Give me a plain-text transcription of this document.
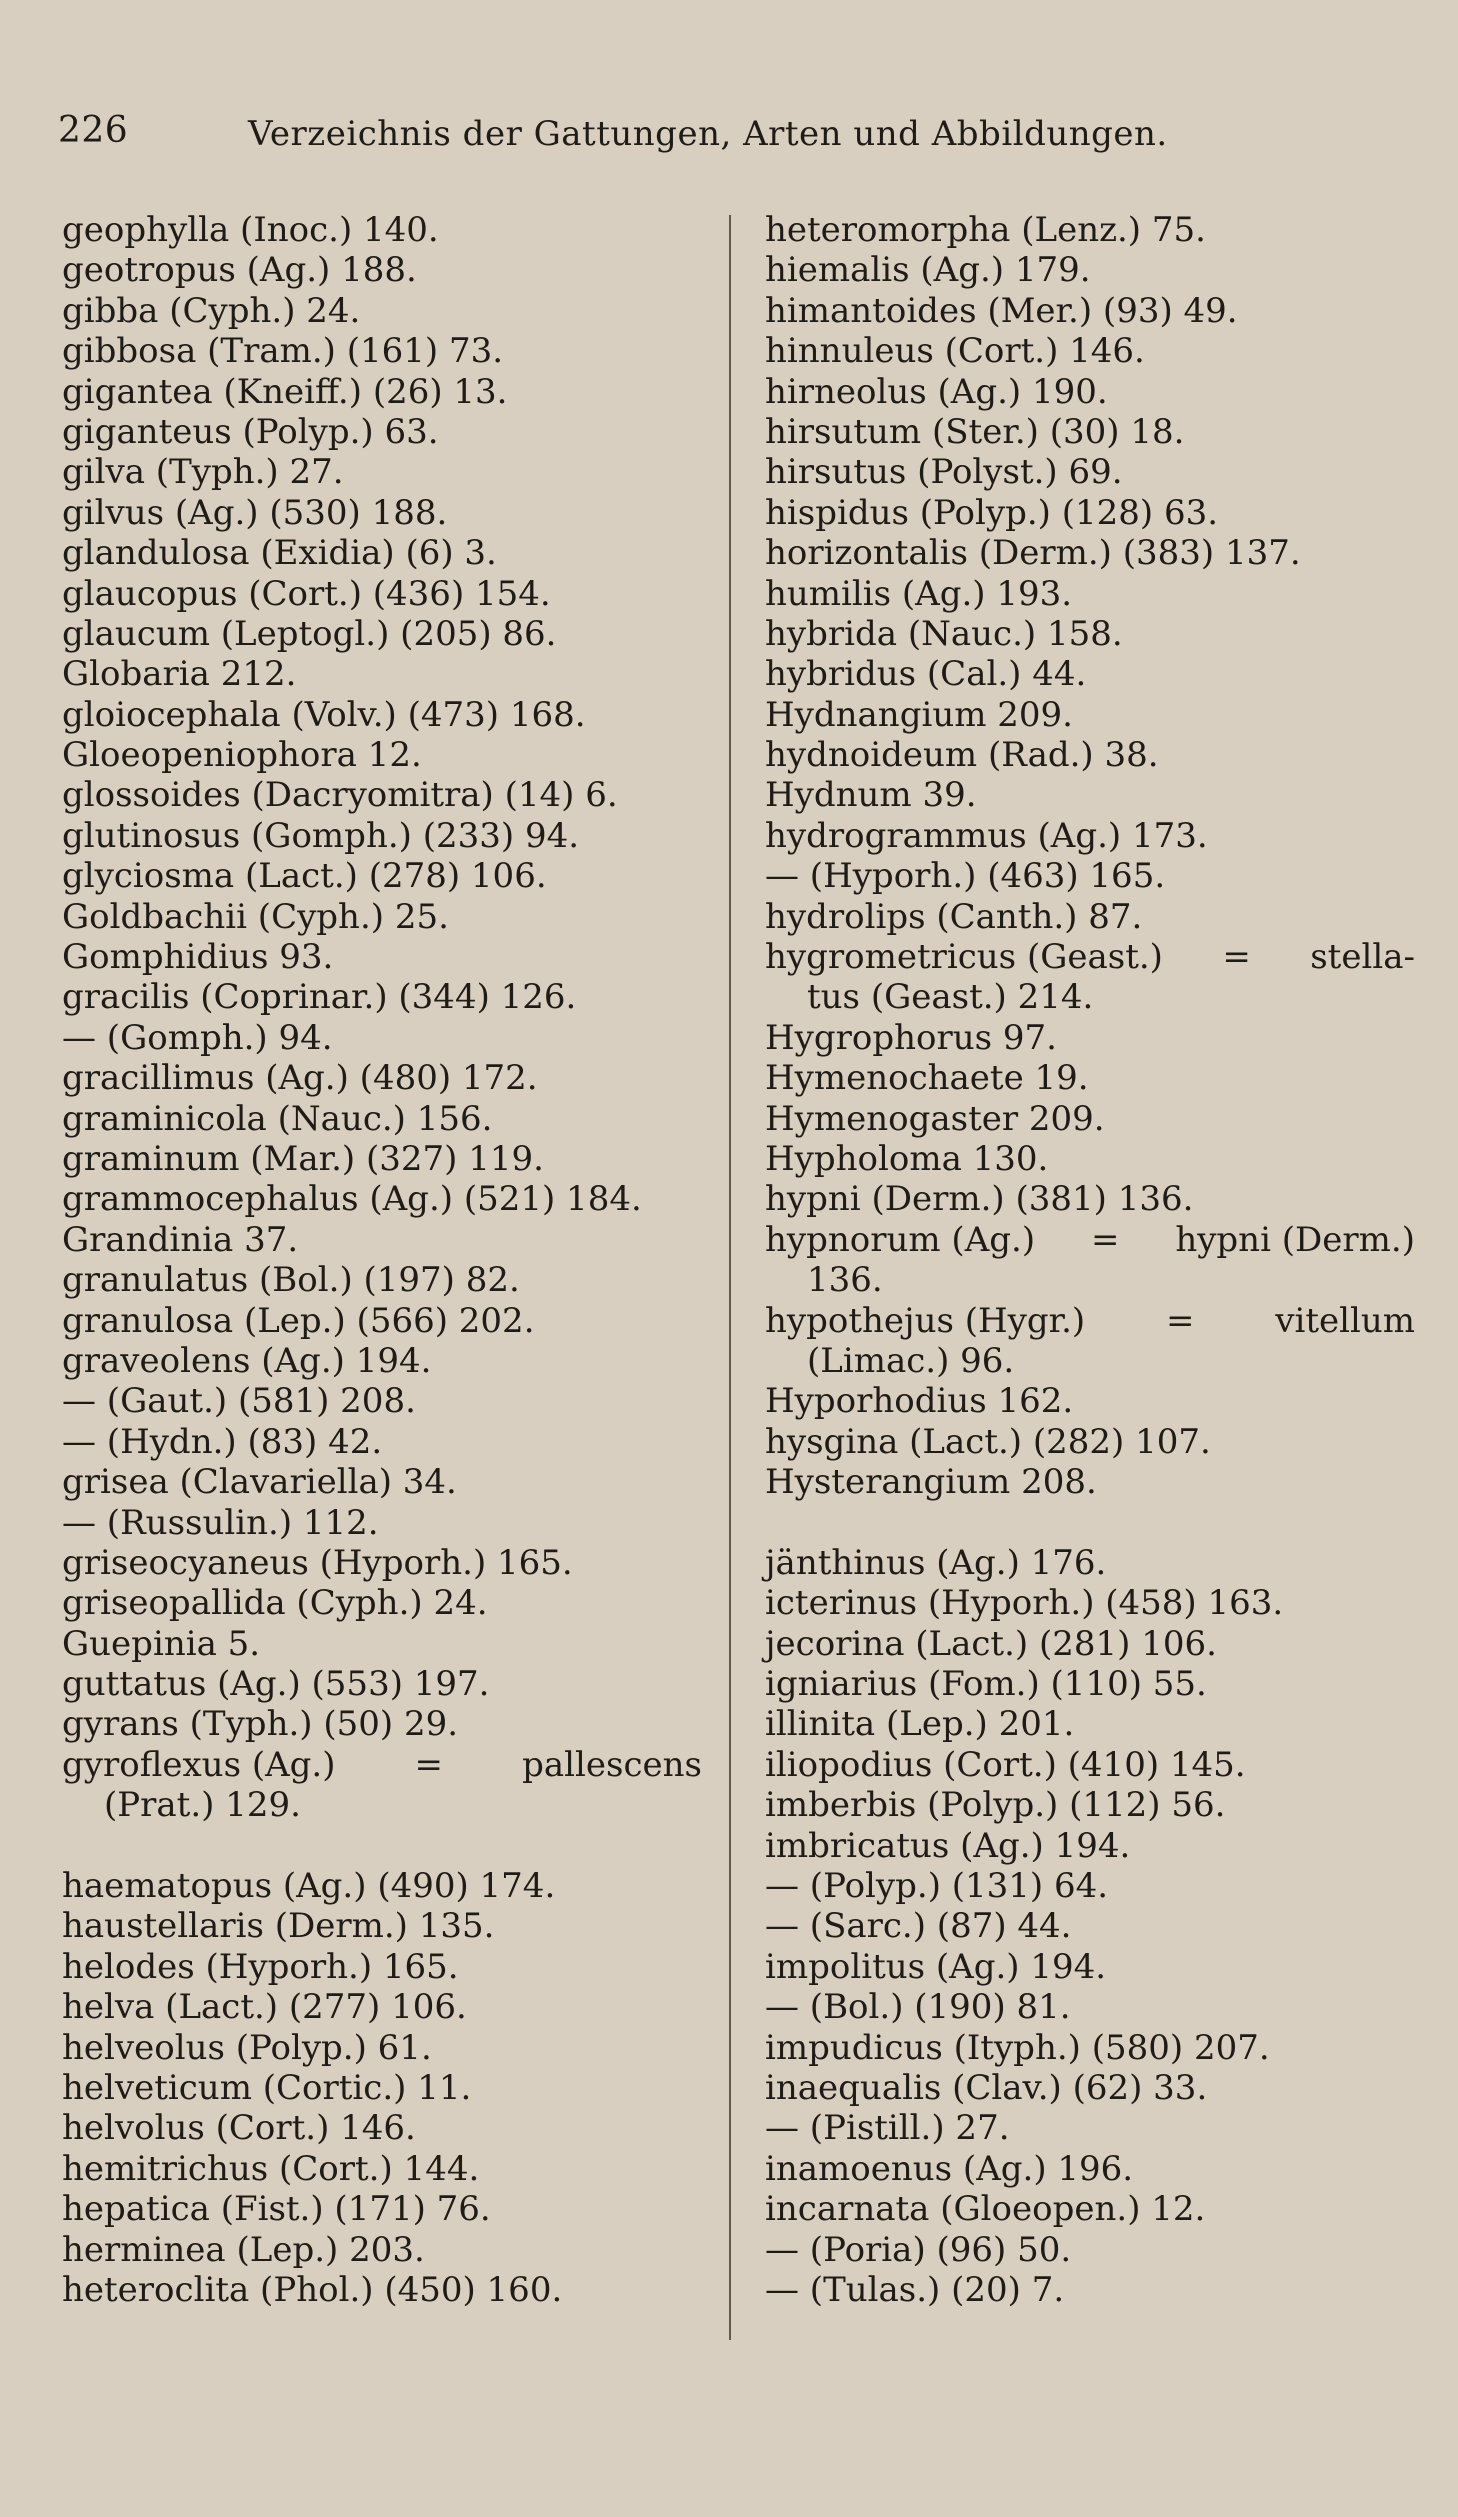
226	Verzeichnis der Gattungen, Arten und Abbildungen.
geophylla (Inoc.) 140.
geotropus (Ag.) 188.
gibba (Cyph.) 24.
gibbosa (Tram.) (161) 73.
gigantea (Kneiff.) (26) 13.
giganteus (Polyp.) 63.
gilva (Typh.) 27.
gilvus (Ag.) (530) 188.
glandulosa (Exidia) (6) 3.
glaucopus (Cort.) (436) 154.
glaucum (Leptogl.) (205) 86.
Globaria 212.
gloiocephala (Volv.) (473) 168.
Gloeopeniophora 12.
glossoides (Dacryomitra) (14) 6.
glutinosus (Gomph.) (233) 94.
glyciosma (Lact.) (278) 106.
Goldbachii (Cyph.) 25.
Gomphidius 93.
gracilis (Coprinar.) (344) 126.
— (Gomph.) 94.
gracillimus (Ag.) (480) 172.
graminicola (Nauc.) 156.
graminum (Mar.) (327) 119.
grammocephalus (Ag.) (521) 184.
Grandinia 37.
granulatus (Bol.) (197) 82.
granulosa (Lep.) (566) 202.
graveolens (Ag.) 194.
— (Gaut.) (581) 208.
— (Hydn.) (83) 42.
grisea (Clavariella) 34.
— (Russulin.) 112.
griseocyaneus (Hyporh.) 165.
griseopallida (Cyph.) 24.
Guepinia 5.
guttatus (Ag.) (553) 197.
gyrans (Typh.) (50) 29.
gyroflexus (Ag.) = pallescens
(Prat.) 129.
haematopus (Ag.) (490) 174.
haustellaris (Derm.) 135.
helodes (Hyporh.) 165.
helva (Lact.) (277) 106.
helveolus (Polyp.) 61.
helveticum (Cortic.) 11.
helvolus (Cort.) 146.
hemitrichus (Cort.) 144.
hepatica (Fist.) (171) 76.
herminea (Lep.) 203.
heteroclita (Phol.) (450) 160.
heteromorpha (Lenz.) 75.
hiemalis (Ag.) 179.
himantoides (Mer.) (93) 49.
hinnuleus (Cort.) 146.
hirneolus (Ag.) 190.
hirsutum (Ster.) (30) 18.
hirsutus (Polyst.) 69.
hispidus (Polyp.) (128) 63.
horizontalis (Derm.) (383) 137.
humilis (Ag.) 193.
hybrida (Nauc.) 158.
hybridus (Cal.) 44.
Hydnangium 209.
hydnoideum (Rad.) 38.
Hydnum 39.
hydrogrammus (Ag.) 173.
— (Hyporh.) (463) 165.
hydrolips (Canth.) 87.
hygrometricus (Geast.) = stella-
tus (Geast.) 214.
Hygrophorus 97.
Hymenochaete 19.
Hymenogaster 209.
Hypholoma 130.
hypni (Derm.) (381) 136.
hypnorum (Ag.) = hypni (Derm.)
136.
hypothejus (Hygr.) = vitellum
(Limac.) 96.
Hyporhodius 162.
hysgina (Lact.) (282) 107.
Hysterangium 208.
jänthinus (Ag.) 176.
icterinus (Hyporh.) (458) 163.
jecorina (Lact.) (281) 106.
igniarius (Fom.) (110) 55.
illinita (Lep.) 201.
iliopodius (Cort.) (410) 145.
imberbis (Polyp.) (112) 56.
imbricatus (Ag.) 194.
— (Polyp.) (131) 64.
— (Sarc.) (87) 44.
impolitus (Ag.) 194.
— (Bol.) (190) 81.
impudicus (Ityph.) (580) 207.
inaequalis (Clav.) (62) 33.
— (Pistill.) 27.
inamoenus (Ag.) 196.
incarnata (Gloeopen.) 12.
— (Poria) (96) 50.
— (Tulas.) (20) 7.
